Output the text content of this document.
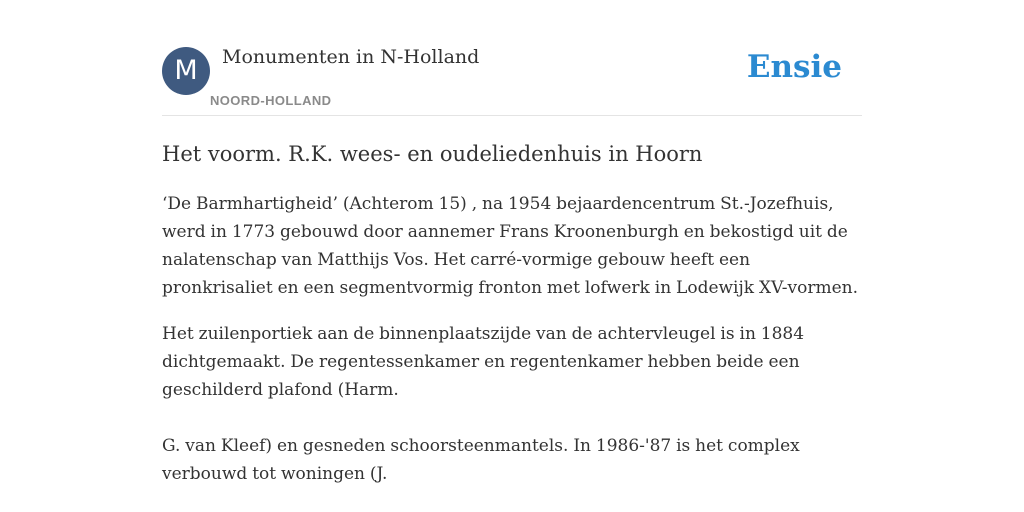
M	Monumenten in N-Holland
NOORD-HOLLAND
Ensie
Het voorm. R.K. wees- en oudeliedenhuis in Hoorn

‘De Barmhartigheid’ (Achterom 15) , na 1954 bejaardencentrum St.-Jozefhuis, werd in 1773 gebouwd door aannemer Frans Kroonenburgh en bekostigd uit de nalatenschap van Matthijs Vos. Het carré-vormige gebouw heeft een pronkrisaliet en een segmentvormig fronton met lofwerk in Lodewijk XV-vormen.

Het zuilenportiek aan de binnenplaatszijde van de achtervleugel is in 1884 dichtgemaakt. De regentessenkamer en regentenkamer hebben beide een geschilderd plafond (Harm.

G. van Kleef) en gesneden schoorsteenmantels. In 1986-'87 is het complex verbouwd tot woningen (J.
